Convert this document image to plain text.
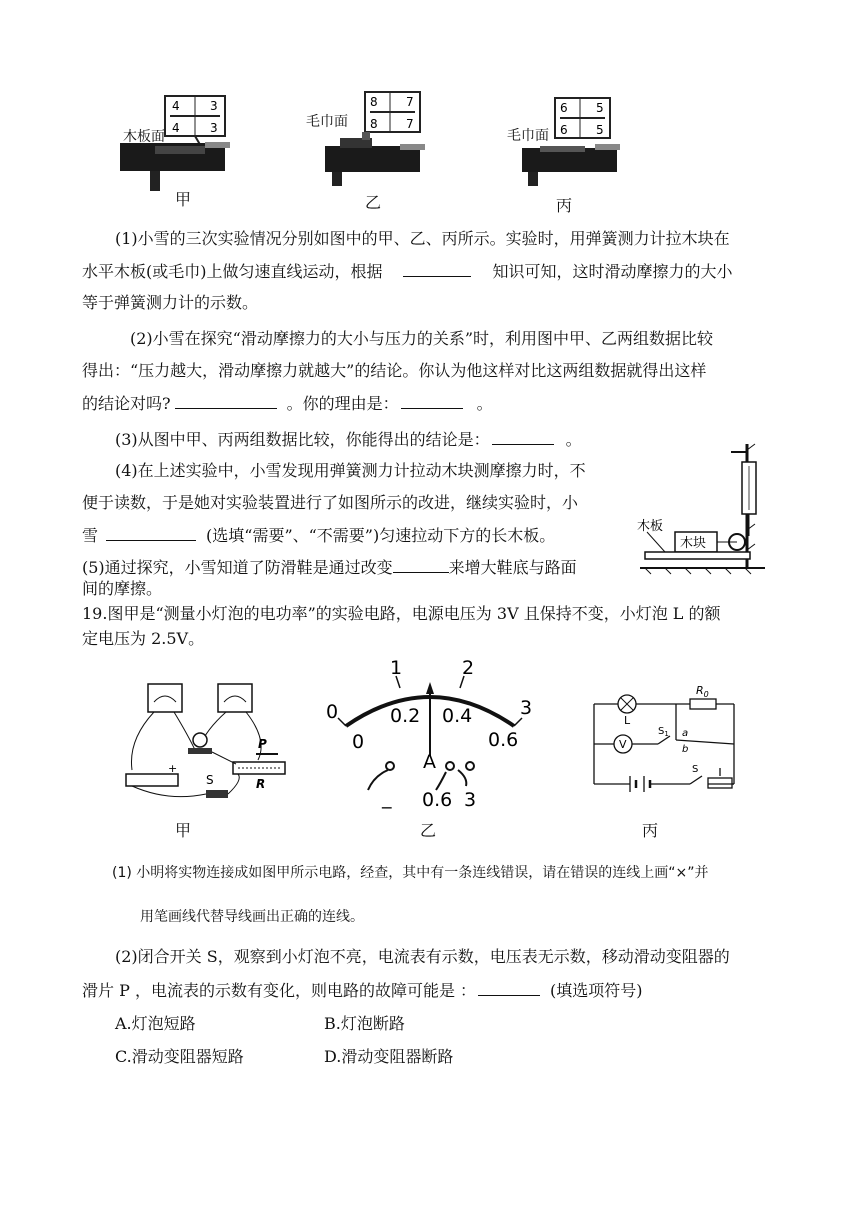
4	3
4	3
木板面
8 7
8 7
毛巾面
6 5
6 5
毛巾面
甲	乙	丙
(1)小雪的三次实验情况分别如图中的甲、乙、丙所示。实验时，用弹簧测力计拉木块在
水平木板(或毛巾)上做匀速直线运动，根据	知识可知，这时滑动摩擦力的大小
等于弹簧测力计的示数。
(2)小雪在探究“滑动摩擦力的大小与压力的关系”时，利用图中甲、乙两组数据比较
得出：“压力越大，滑动摩擦力就越大”的结论。你认为他这样对比这两组数据就得出这样
的结论对吗?	。你的理由是：	。
(3)从图中甲、丙两组数据比较，你能得出的结论是：	。
(4)在上述实验中，小雪发现用弹簧测力计拉动木块测摩擦力时，不
便于读数，于是她对实验装置进行了如图所示的改进，继续实验时，小
雪	(选填“需要”、“不需要”)匀速拉动下方的长木板。
(5)通过探究，小雪知道了防滑鞋是通过改变	来增大鞋底与路面
间的摩擦。
木块
木板
19.图甲是“测量小灯泡的电功率”的实验电路，电源电压为 3V 且保持不变，小灯泡 L 的额
定电压为 2.5V。
P
R
+
S
0
1	2
3
0
0.2 0.4
0.6
A
_ 0.6 3
L
$R_0$
V
$S_1$ a
b
S
甲	乙	丙
(1) 小明将实物连接成如图甲所示电路，经查，其中有一条连线错误，请在错误的连线上画“×”并
用笔画线代替导线画出正确的连线。
(2)闭合开关 S，观察到小灯泡不亮，电流表有示数，电压表无示数，移动滑动变阻器的
滑片 P ，电流表的示数有变化，则电路的故障可能是 ：	(填选项符号)
A.灯泡短路	B.灯泡断路
C.滑动变阻器短路	D.滑动变阻器断路
